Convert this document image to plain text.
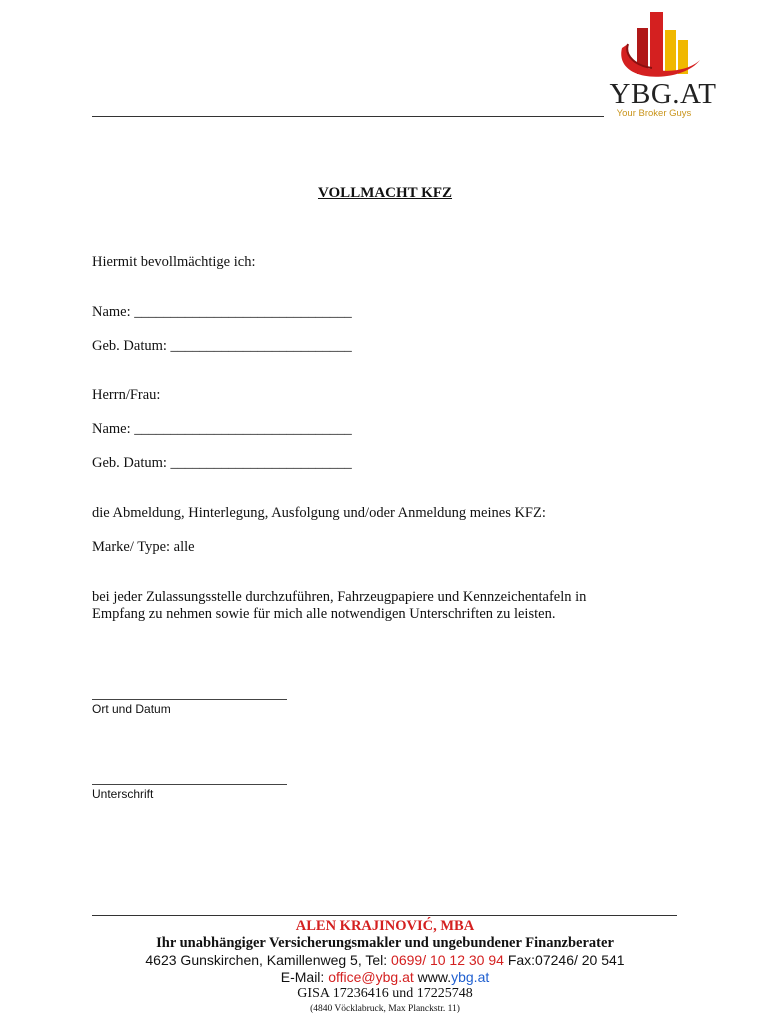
YBG.AT
Your Broker Guys
VOLLMACHT KFZ
Hiermit bevollmächtige ich:
Name: ______________________________
Geb. Datum: _________________________
Herrn/Frau:
Name: ______________________________
Geb. Datum: _________________________
die Abmeldung, Hinterlegung, Ausfolgung und/oder Anmeldung meines KFZ:
Marke/ Type: alle
bei jeder Zulassungsstelle durchzuführen, Fahrzeugpapiere und Kennzeichentafeln in
Empfang zu nehmen sowie für mich alle notwendigen Unterschriften zu leisten.
Ort und Datum
Unterschrift
ALEN KRAJINOVIĆ, MBA
Ihr unabhängiger Versicherungsmakler und ungebundener Finanzberater
4623 Gunskirchen, Kamillenweg 5, Tel: 0699/ 10 12 30 94 Fax:07246/ 20 541
E-Mail: office@ybg.at www.ybg.at
GISA 17236416 und 17225748
(4840 Vöcklabruck, Max Planckstr. 11)
